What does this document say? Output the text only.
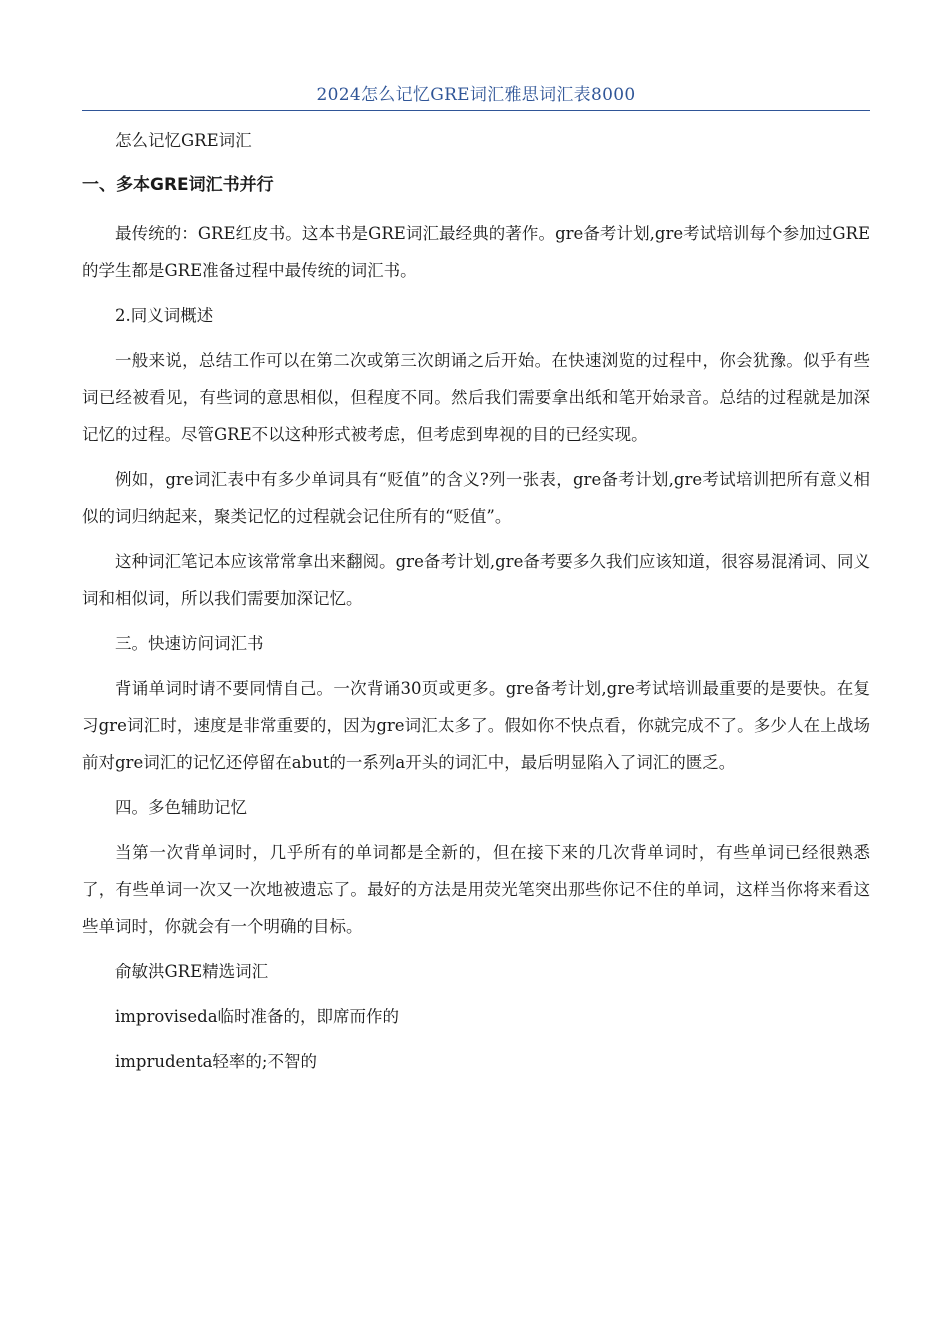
2024怎么记忆GRE词汇雅思词汇表8000

怎么记忆GRE词汇

一、多本GRE词汇书并行

最传统的：GRE红皮书。这本书是GRE词汇最经典的著作。gre备考计划,gre考试培训每个参加过GRE的学生都是GRE准备过程中最传统的词汇书。

2.同义词概述

一般来说，总结工作可以在第二次或第三次朗诵之后开始。在快速浏览的过程中，你会犹豫。似乎有些词已经被看见，有些词的意思相似，但程度不同。然后我们需要拿出纸和笔开始录音。总结的过程就是加深记忆的过程。尽管GRE不以这种形式被考虑，但考虑到卑视的目的已经实现。

例如，gre词汇表中有多少单词具有“贬值”的含义?列一张表，gre备考计划,gre考试培训把所有意义相似的词归纳起来，聚类记忆的过程就会记住所有的“贬值”。

这种词汇笔记本应该常常拿出来翻阅。gre备考计划,gre备考要多久我们应该知道，很容易混淆词、同义词和相似词，所以我们需要加深记忆。

三。快速访问词汇书

背诵单词时请不要同情自己。一次背诵30页或更多。gre备考计划,gre考试培训最重要的是要快。在复习gre词汇时，速度是非常重要的，因为gre词汇太多了。假如你不快点看，你就完成不了。多少人在上战场前对gre词汇的记忆还停留在abut的一系列a开头的词汇中，最后明显陷入了词汇的匮乏。

四。多色辅助记忆

当第一次背单词时，几乎所有的单词都是全新的，但在接下来的几次背单词时，有些单词已经很熟悉了，有些单词一次又一次地被遗忘了。最好的方法是用荧光笔突出那些你记不住的单词，这样当你将来看这些单词时，你就会有一个明确的目标。

俞敏洪GRE精选词汇

improviseda临时准备的，即席而作的

imprudenta轻率的;不智的
